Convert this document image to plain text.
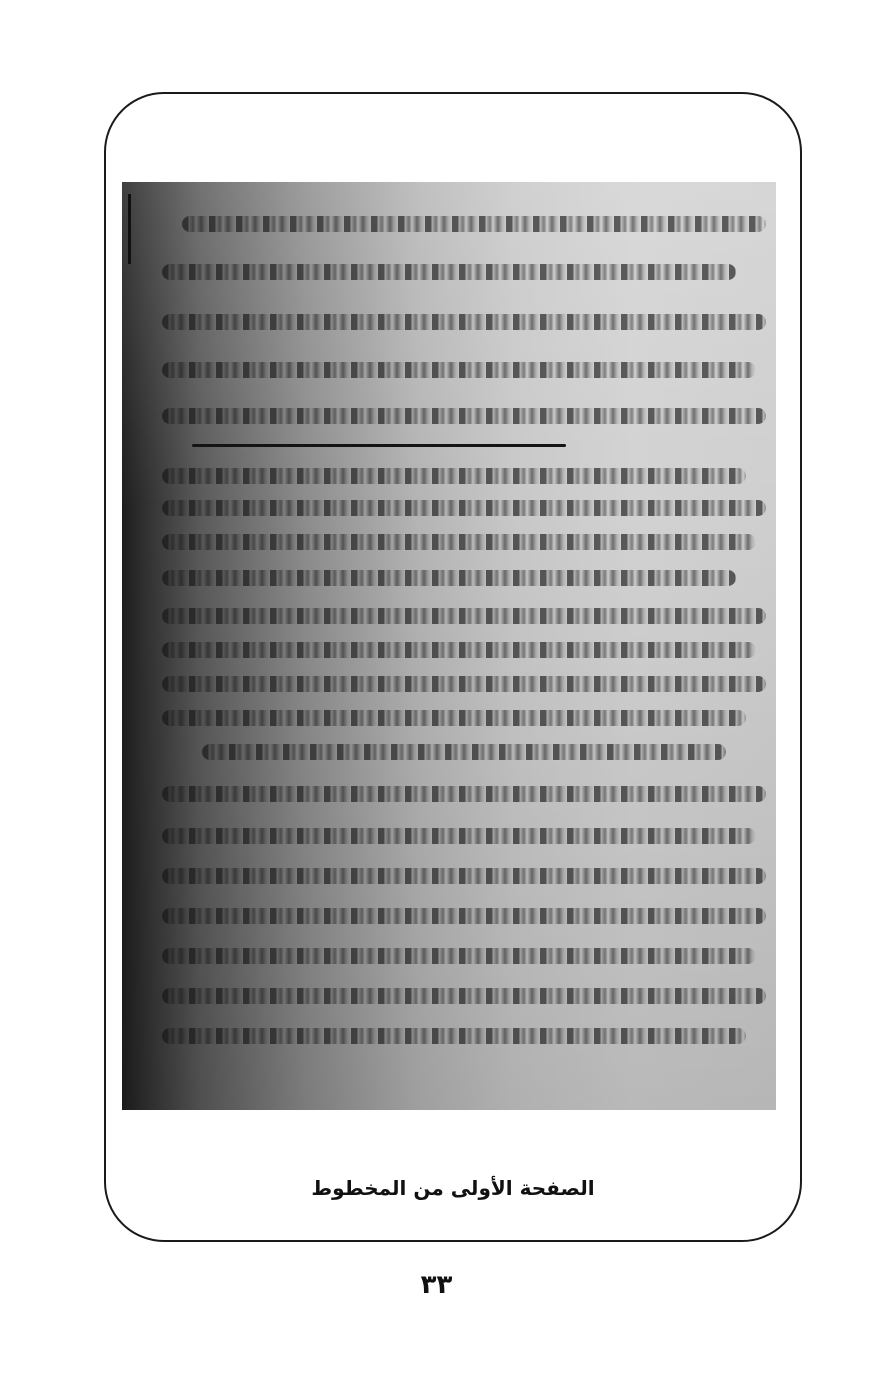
الصفحة الأولى من المخطوط
٣٣
